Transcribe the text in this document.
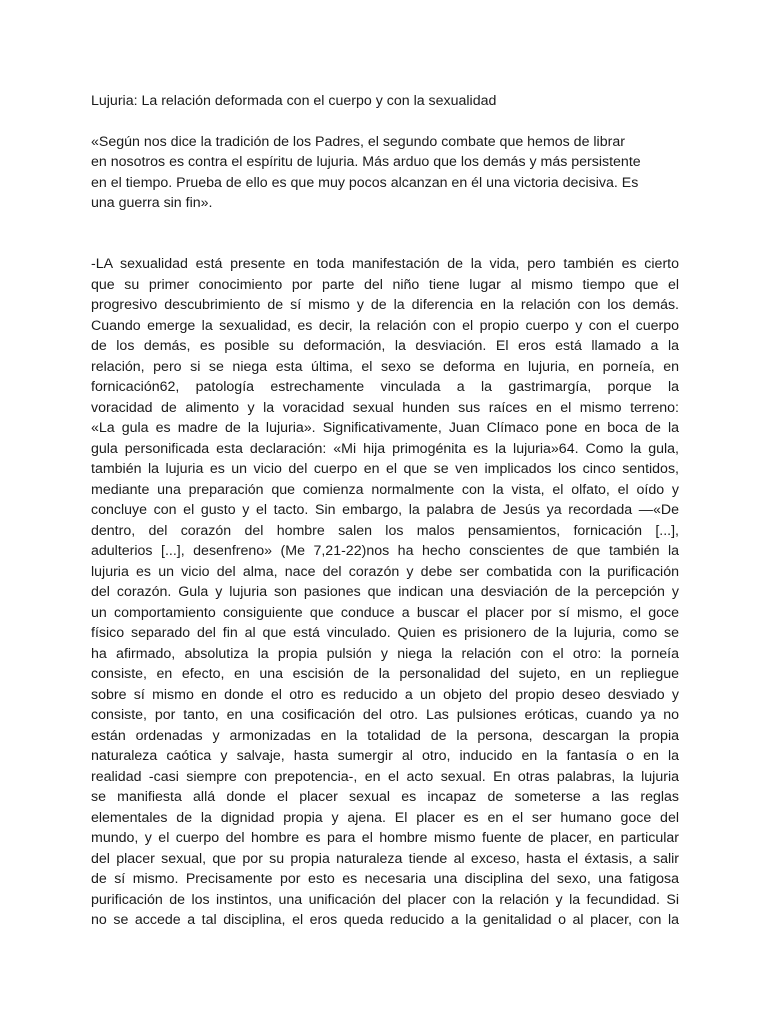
Lujuria: La relación deformada con el cuerpo y con la sexualidad

«Según nos dice la tradición de los Padres, el segundo combate que hemos de librar
en nosotros es contra el espíritu de lujuria. Más arduo que los demás y más persistente
en el tiempo. Prueba de ello es que muy pocos alcanzan en él una victoria decisiva. Es
una guerra sin fin».

-LA sexualidad está presente en toda manifestación de la vida, pero también es cierto
que su primer conocimiento por parte del niño tiene lugar al mismo tiempo que el
progresivo descubrimiento de sí mismo y de la diferencia en la relación con los demás.
Cuando emerge la sexualidad, es decir, la relación con el propio cuerpo y con el cuerpo
de los demás, es posible su deformación, la desviación. El eros está llamado a la
relación, pero si se niega esta última, el sexo se deforma en lujuria, en porneía, en
fornicación62, patología estrechamente vinculada a la gastrimargía, porque la
voracidad de alimento y la voracidad sexual hunden sus raíces en el mismo terreno:
«La gula es madre de la lujuria». Significativamente, Juan Clímaco pone en boca de la
gula personificada esta declaración: «Mi hija primogénita es la lujuria»64. Como la gula,
también la lujuria es un vicio del cuerpo en el que se ven implicados los cinco sentidos,
mediante una preparación que comienza normalmente con la vista, el olfato, el oído y
concluye con el gusto y el tacto. Sin embargo, la palabra de Jesús ya recordada —«De
dentro, del corazón del hombre salen los malos pensamientos, fornicación [...],
adulterios [...], desenfreno» (Me 7,21-22)nos ha hecho conscientes de que también la
lujuria es un vicio del alma, nace del corazón y debe ser combatida con la purificación
del corazón. Gula y lujuria son pasiones que indican una desviación de la percepción y
un comportamiento consiguiente que conduce a buscar el placer por sí mismo, el goce
físico separado del fin al que está vinculado. Quien es prisionero de la lujuria, como se
ha afirmado, absolutiza la propia pulsión y niega la relación con el otro: la porneía
consiste, en efecto, en una escisión de la personalidad del sujeto, en un repliegue
sobre sí mismo en donde el otro es reducido a un objeto del propio deseo desviado y
consiste, por tanto, en una cosificación del otro. Las pulsiones eróticas, cuando ya no
están ordenadas y armonizadas en la totalidad de la persona, descargan la propia
naturaleza caótica y salvaje, hasta sumergir al otro, inducido en la fantasía o en la
realidad -casi siempre con prepotencia-, en el acto sexual. En otras palabras, la lujuria
se manifiesta allá donde el placer sexual es incapaz de someterse a las reglas
elementales de la dignidad propia y ajena. El placer es en el ser humano goce del
mundo, y el cuerpo del hombre es para el hombre mismo fuente de placer, en particular
del placer sexual, que por su propia naturaleza tiende al exceso, hasta el éxtasis, a salir
de sí mismo. Precisamente por esto es necesaria una disciplina del sexo, una fatigosa
purificación de los instintos, una unificación del placer con la relación y la fecundidad. Si
no se accede a tal disciplina, el eros queda reducido a la genitalidad o al placer, con la
